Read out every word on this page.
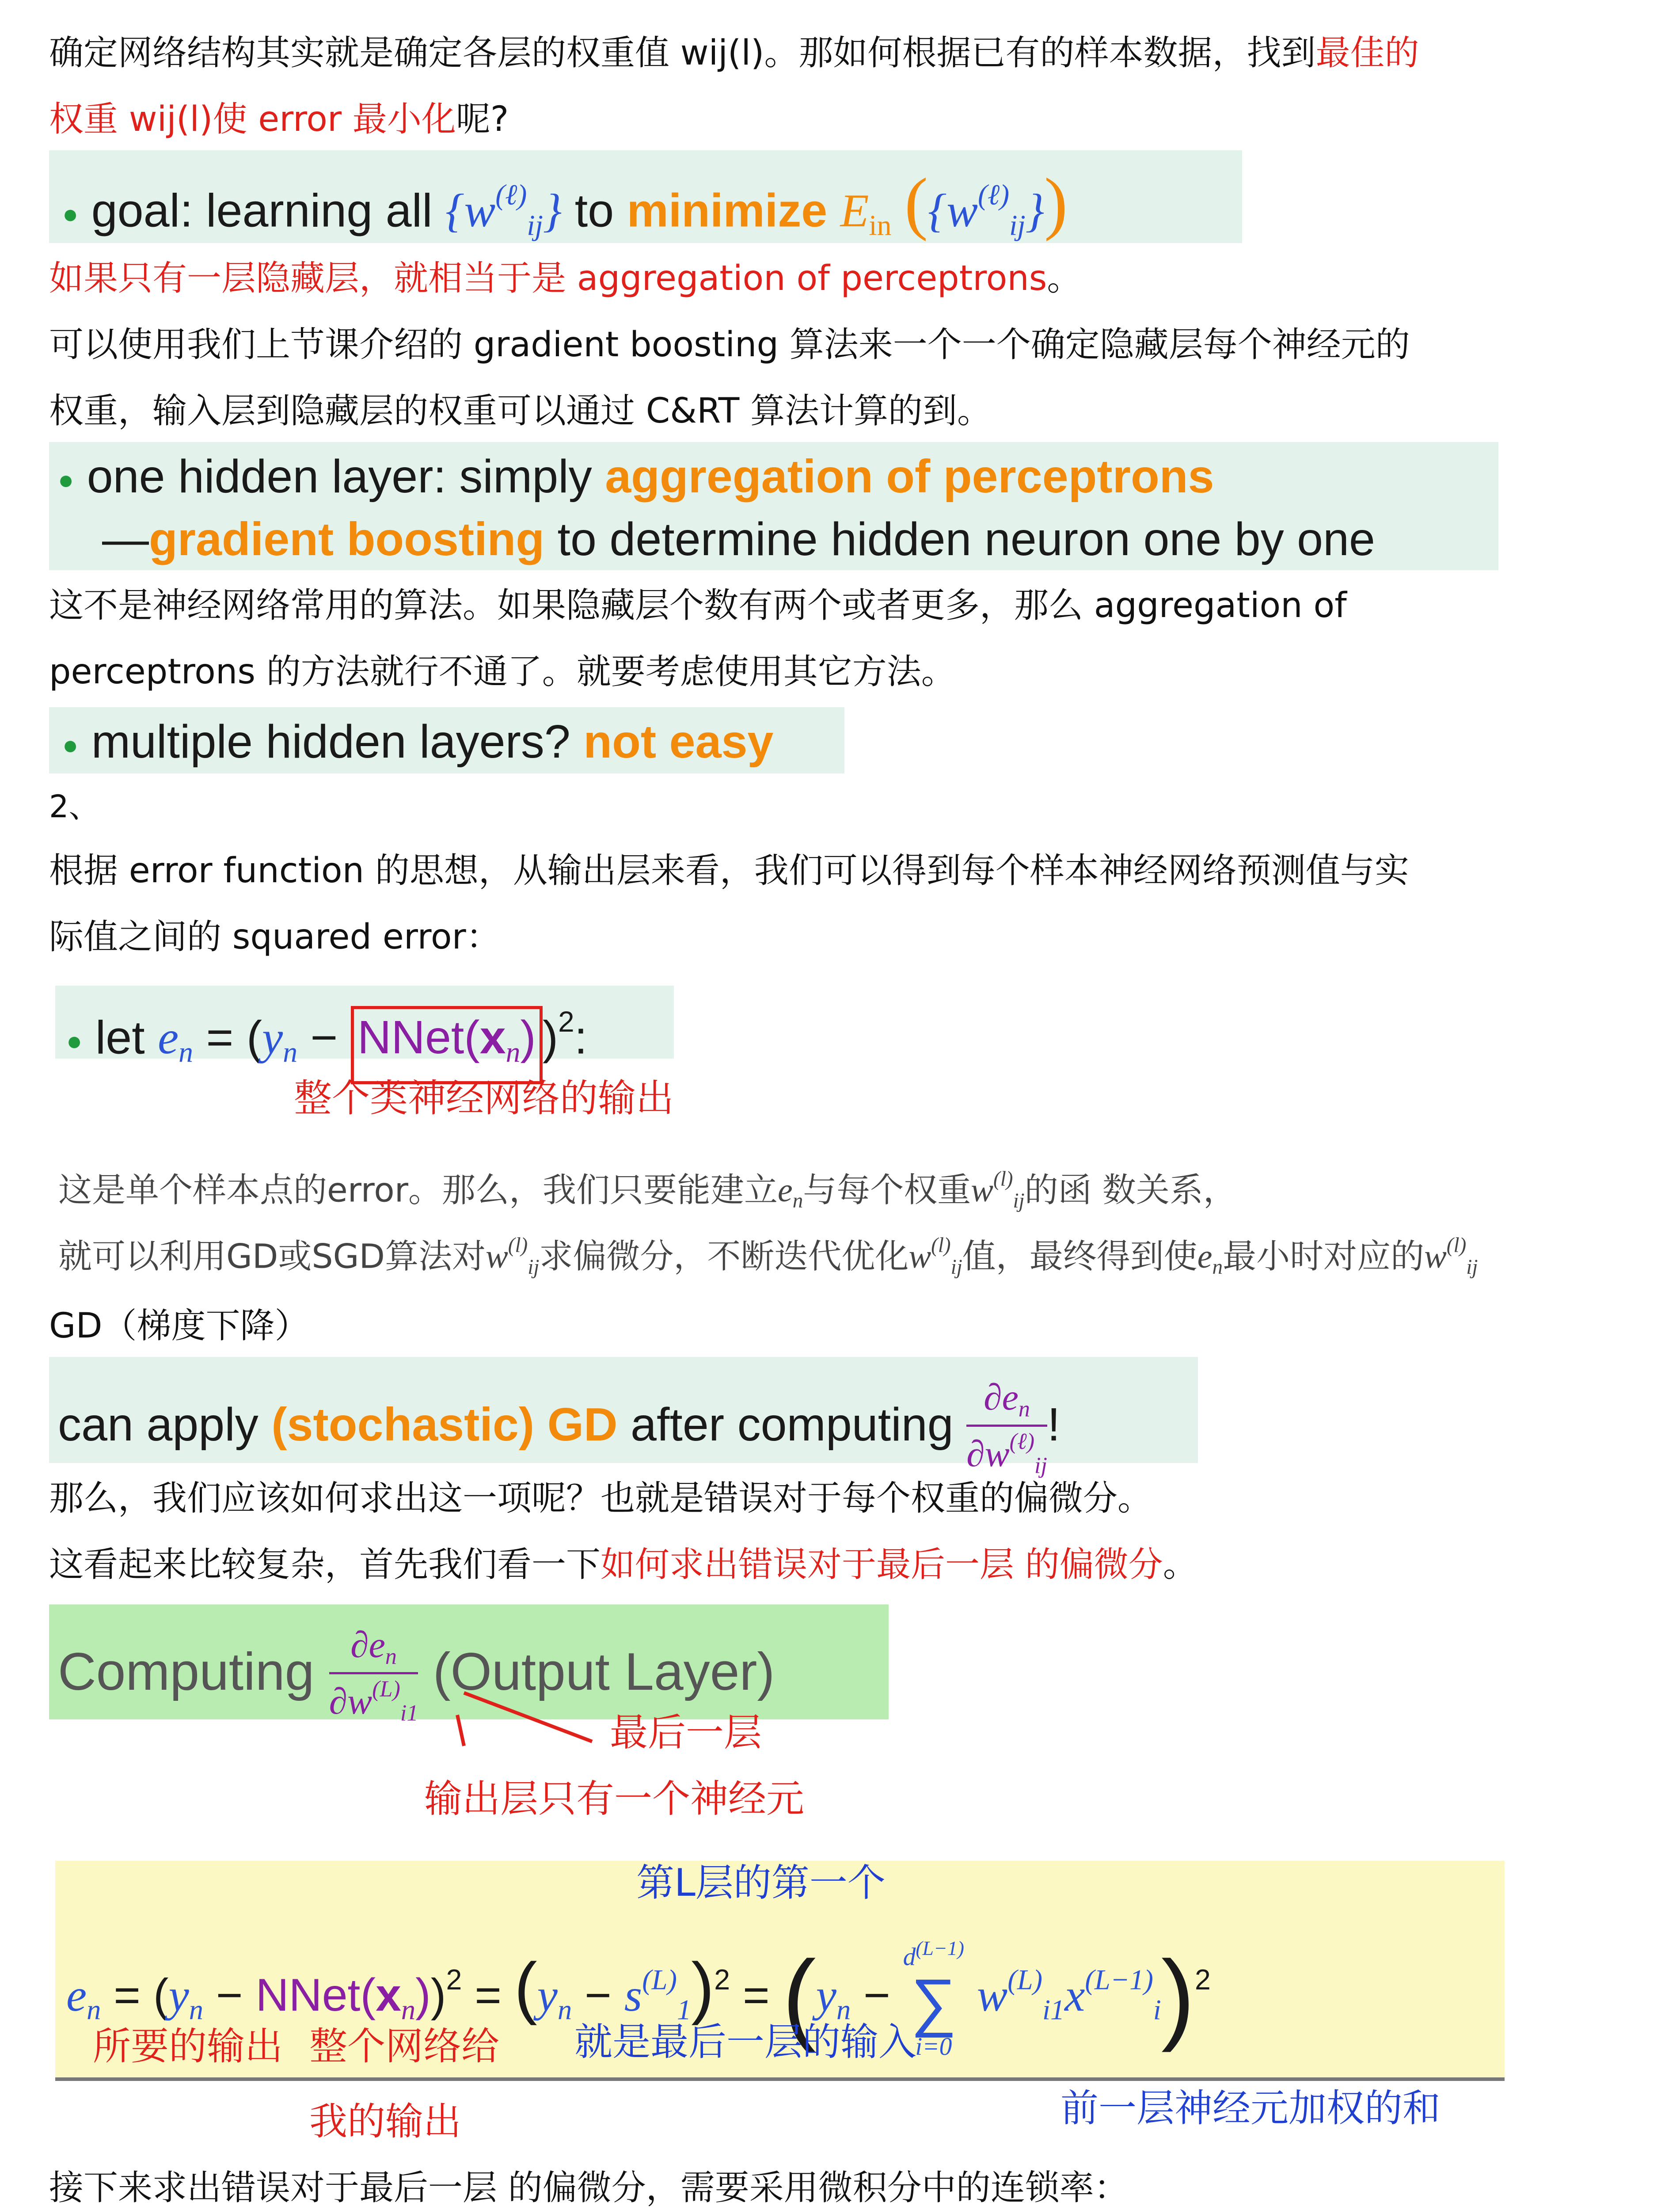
确定网络结构其实就是确定各层的权重值 wij(l)。那如何根据已有的样本数据，找到最佳的
权重 wij(l)使 error 最小化呢?
● goal: learning all $\{w^{(\ell)}_{ij}\}$ to minimize $E_{in}$ $(\{w^{(\ell)}_{ij}\})$
如果只有一层隐藏层，就相当于是 aggregation of perceptrons。
可以使用我们上节课介绍的 gradient boosting 算法来一个一个确定隐藏层每个神经元的
权重，输入层到隐藏层的权重可以通过 C&RT 算法计算的到。
● one hidden layer: simply aggregation of perceptrons
—gradient boosting to determine hidden neuron one by one
这不是神经网络常用的算法。如果隐藏层个数有两个或者更多，那么 aggregation of
perceptrons 的方法就行不通了。就要考虑使用其它方法。
● multiple hidden layers? not easy
2、
根据 error function 的思想，从输出层来看，我们可以得到每个样本神经网络预测值与实
际值之间的 squared error：
● let $e_n = (y_n$ − $NNet(x_n)$ )$^2$:
整个类神经网络的输出
这是单个样本点的error。那么，我们只要能建立$e_n$与每个权重$w^{(l)}_{ij}$的函 数关系，
就可以利用GD或SGD算法对$w^{(l)}_{ij}$求偏微分，不断迭代优化$w^{(l)}_{ij}$值，最终得到使$e_n$最小时对应的$w^{(l)}_{ij}$
GD（梯度下降）
can apply (stochastic) GD after computing $\frac{\partial e_n}{\partial w^{(\ell)}_{ij}}$ !
那么，我们应该如何求出这一项呢？也就是错误对于每个权重的偏微分。
这看起来比较复杂，首先我们看一下如何求出错误对于最后一层 的偏微分。
Computing $\frac{\partial e_n}{\partial w^{(L)}_{i1}}$ (Output Layer)
最后一层
输出层只有一个神经元
$e_n = (y_n$ − $NNet(x_n))^2 = (y_n - s^{(L)}_1)^2 = (y_n$ −
$d^{(L-1)}$
∑
i=0
$w^{(L)}_{i1}x^{(L-1)}_i)^2$
第L层的第一个
所要的输出 整个网络给
我的输出
就是最后一层的输入
前一层神经元加权的和
接下来求出错误对于最后一层 的偏微分，需要采用微积分中的连锁率：
